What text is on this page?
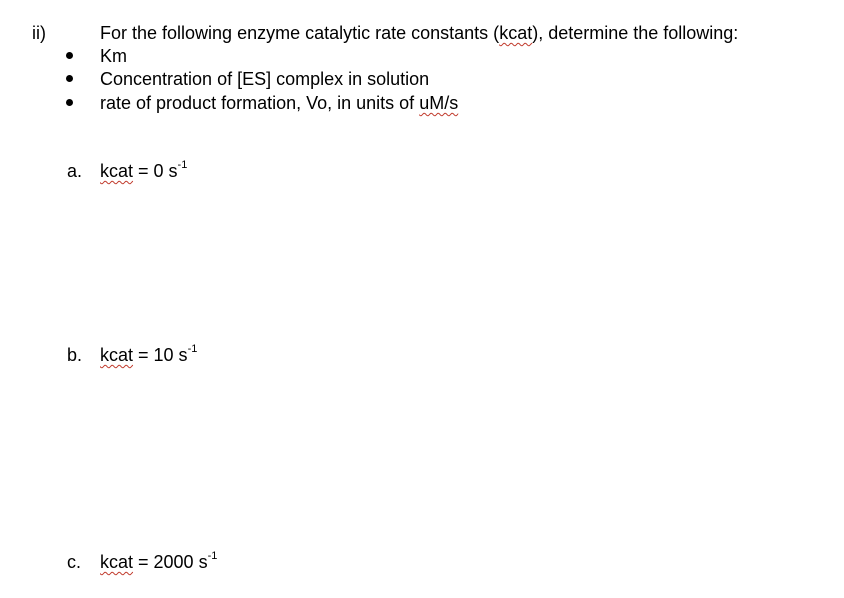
ii)	For the following enzyme catalytic rate constants (kcat), determine the following:
Km
Concentration of [ES] complex in solution
rate of product formation, Vo, in units of uM/s
a. kcat = 0 $s^{-1}$
b. kcat = 10 $s^{-1}$
c. kcat = 2000 $s^{-1}$
